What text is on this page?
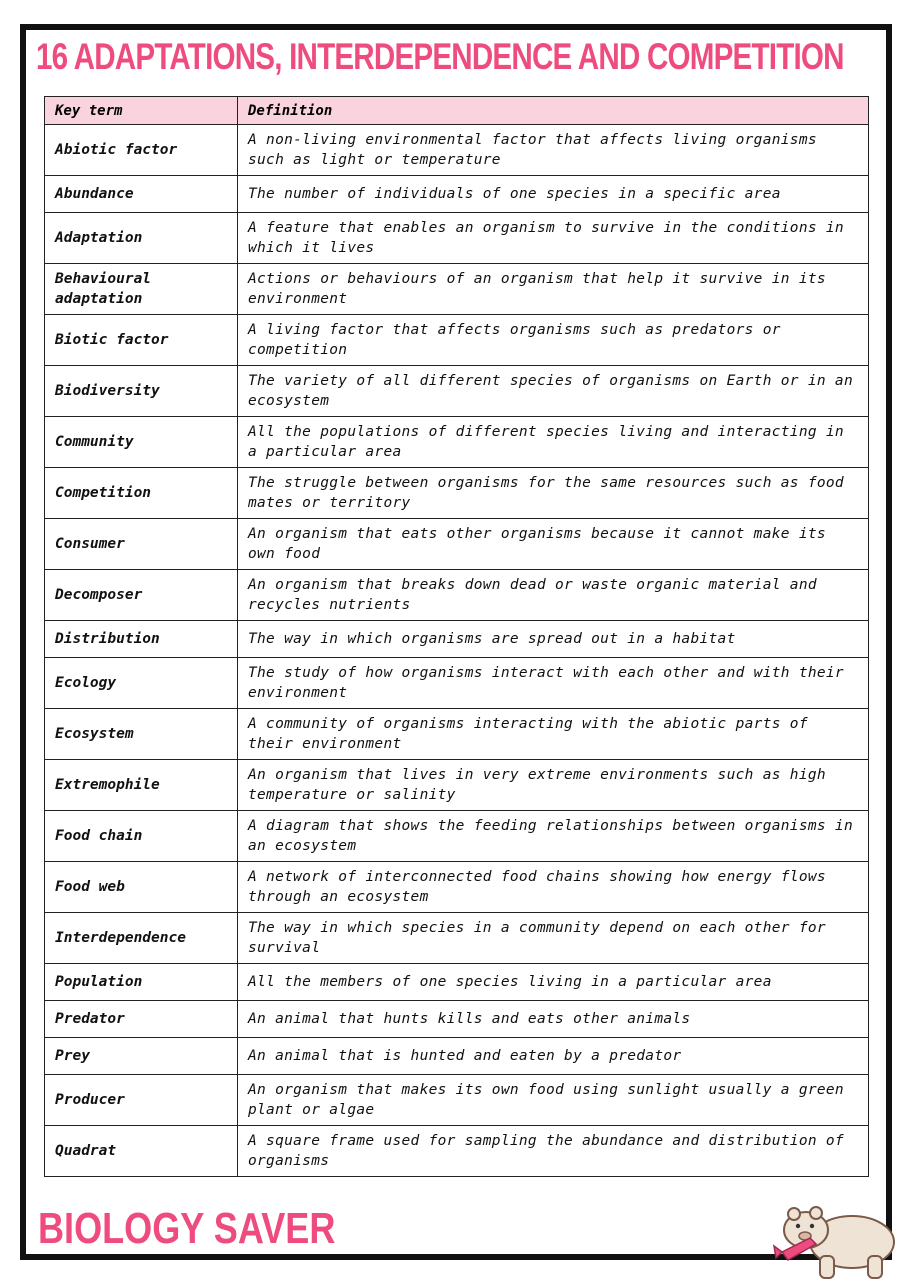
16 ADAPTATIONS, INTERDEPENDENCE AND COMPETITION
Key term	Definition
Abiotic factor	A non-living environmental factor that affects living organisms such as light or temperature
Abundance	The number of individuals of one species in a specific area
Adaptation	A feature that enables an organism to survive in the conditions in which it lives
Behavioural adaptation	Actions or behaviours of an organism that help it survive in its environment
Biotic factor	A living factor that affects organisms such as predators or competition
Biodiversity	The variety of all different species of organisms on Earth or in an ecosystem
Community	All the populations of different species living and interacting in a particular area
Competition	The struggle between organisms for the same resources such as food mates or territory
Consumer	An organism that eats other organisms because it cannot make its own food
Decomposer	An organism that breaks down dead or waste organic material and recycles nutrients
Distribution	The way in which organisms are spread out in a habitat
Ecology	The study of how organisms interact with each other and with their environment
Ecosystem	A community of organisms interacting with the abiotic parts of their environment
Extremophile	An organism that lives in very extreme environments such as high temperature or salinity
Food chain	A diagram that shows the feeding relationships between organisms in an ecosystem
Food web	A network of interconnected food chains showing how energy flows through an ecosystem
Interdependence	The way in which species in a community depend on each other for survival
Population	All the members of one species living in a particular area
Predator	An animal that hunts kills and eats other animals
Prey	An animal that is hunted and eaten by a predator
Producer	An organism that makes its own food using sunlight usually a green plant or algae
Quadrat	A square frame used for sampling the abundance and distribution of organisms
BIOLOGY SAVER
